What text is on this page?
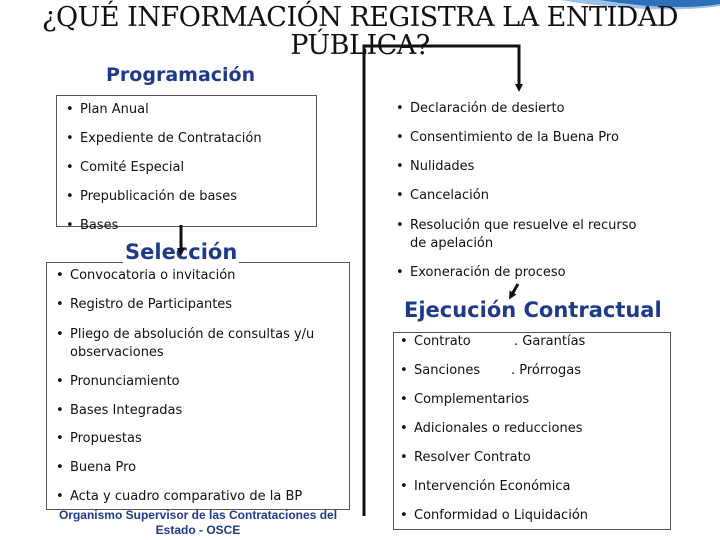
¿QUÉ INFORMACIÓN REGISTRA LA ENTIDAD PÚBLICA?
Programación
• Plan Anual
• Expediente de Contratación
• Comité Especial
• Prepublicación de bases
• Bases
Selección
• Convocatoria o invitación
• Registro de Participantes
• Pliego de absolución de consultas y/u observaciones
• Pronunciamiento
• Bases Integradas
• Propuestas
• Buena Pro
• Acta y cuadro comparativo de la BP
• Declaración de desierto
• Consentimiento de la Buena Pro
• Nulidades
• Cancelación
• Resolución que resuelve el recurso de apelación
• Exoneración de proceso
Ejecución Contractual
• Contrato	. Garantías
• Sanciones . Prórrogas
• Complementarios
• Adicionales o reducciones
• Resolver Contrato
• Intervención Económica
• Conformidad o Liquidación
Organismo Supervisor de las Contrataciones del
Estado - OSCE
